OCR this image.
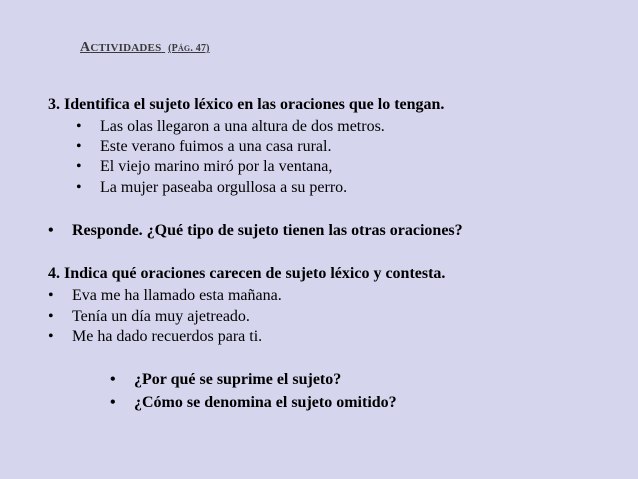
ACTIVIDADES (PÁG. 47)
3. Identifica el sujeto léxico en las oraciones que lo tengan.
• Las olas llegaron a una altura de dos metros.
• Este verano fuimos a una casa rural.
• El viejo marino miró por la ventana,
• La mujer paseaba orgullosa a su perro.
• Responde. ¿Qué tipo de sujeto tienen las otras oraciones?
4. Indica qué oraciones carecen de sujeto léxico y contesta.
• Eva me ha llamado esta mañana.
• Tenía un día muy ajetreado.
• Me ha dado recuerdos para ti.
• ¿Por qué se suprime el sujeto?
• ¿Cómo se denomina el sujeto omitido?
